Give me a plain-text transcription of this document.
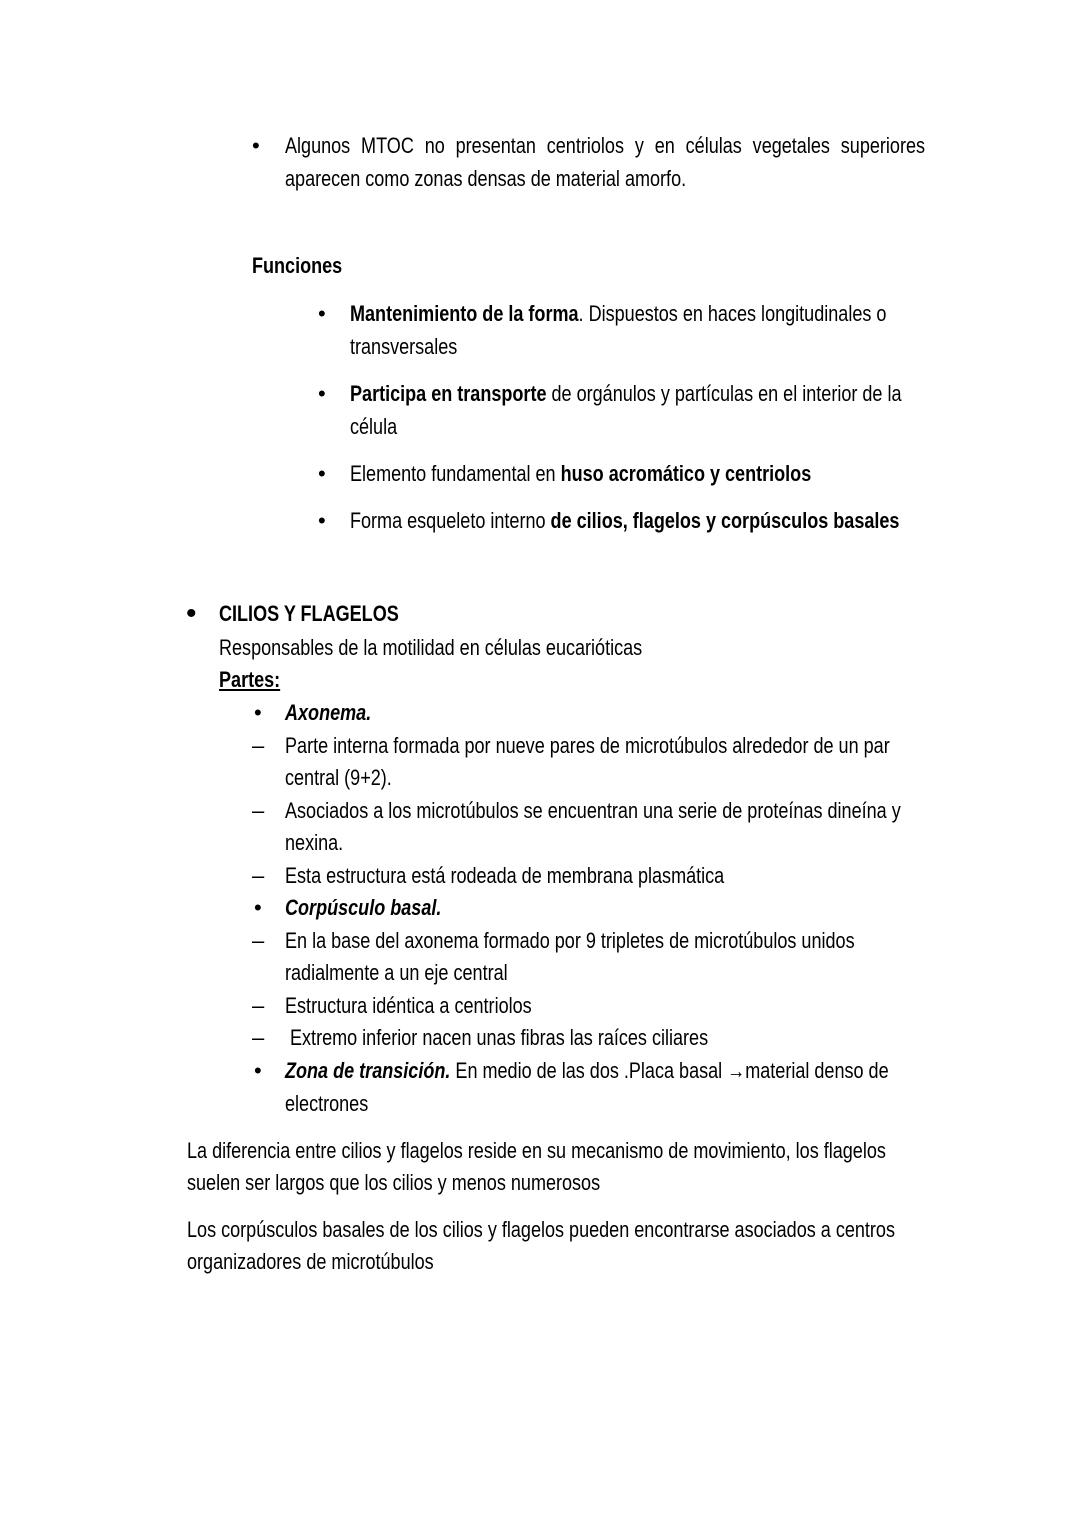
• Algunos MTOC no presentan centriolos y en células vegetales superiores
aparecen como zonas densas de material amorfo.
Funciones
• Mantenimiento de la forma. Dispuestos en haces longitudinales o
transversales
• Participa en transporte de orgánulos y partículas en el interior de la
célula
• Elemento fundamental en huso acromático y centriolos
• Forma esqueleto interno de cilios, flagelos y corpúsculos basales
• CILIOS Y FLAGELOS
Responsables de la motilidad en células eucarióticas
Partes:
• Axonema.
– Parte interna formada por nueve pares de microtúbulos alrededor de un par
central (9+2).
– Asociados a los microtúbulos se encuentran una serie de proteínas dineína y
nexina.
– Esta estructura está rodeada de membrana plasmática
• Corpúsculo basal.
– En la base del axonema formado por 9 tripletes de microtúbulos unidos
radialmente a un eje central
– Estructura idéntica a centriolos
– Extremo inferior nacen unas fibras las raíces ciliares
• Zona de transición. En medio de las dos .Placa basal →material denso de
electrones
La diferencia entre cilios y flagelos reside en su mecanismo de movimiento, los flagelos
suelen ser largos que los cilios y menos numerosos
Los corpúsculos basales de los cilios y flagelos pueden encontrarse asociados a centros
organizadores de microtúbulos
